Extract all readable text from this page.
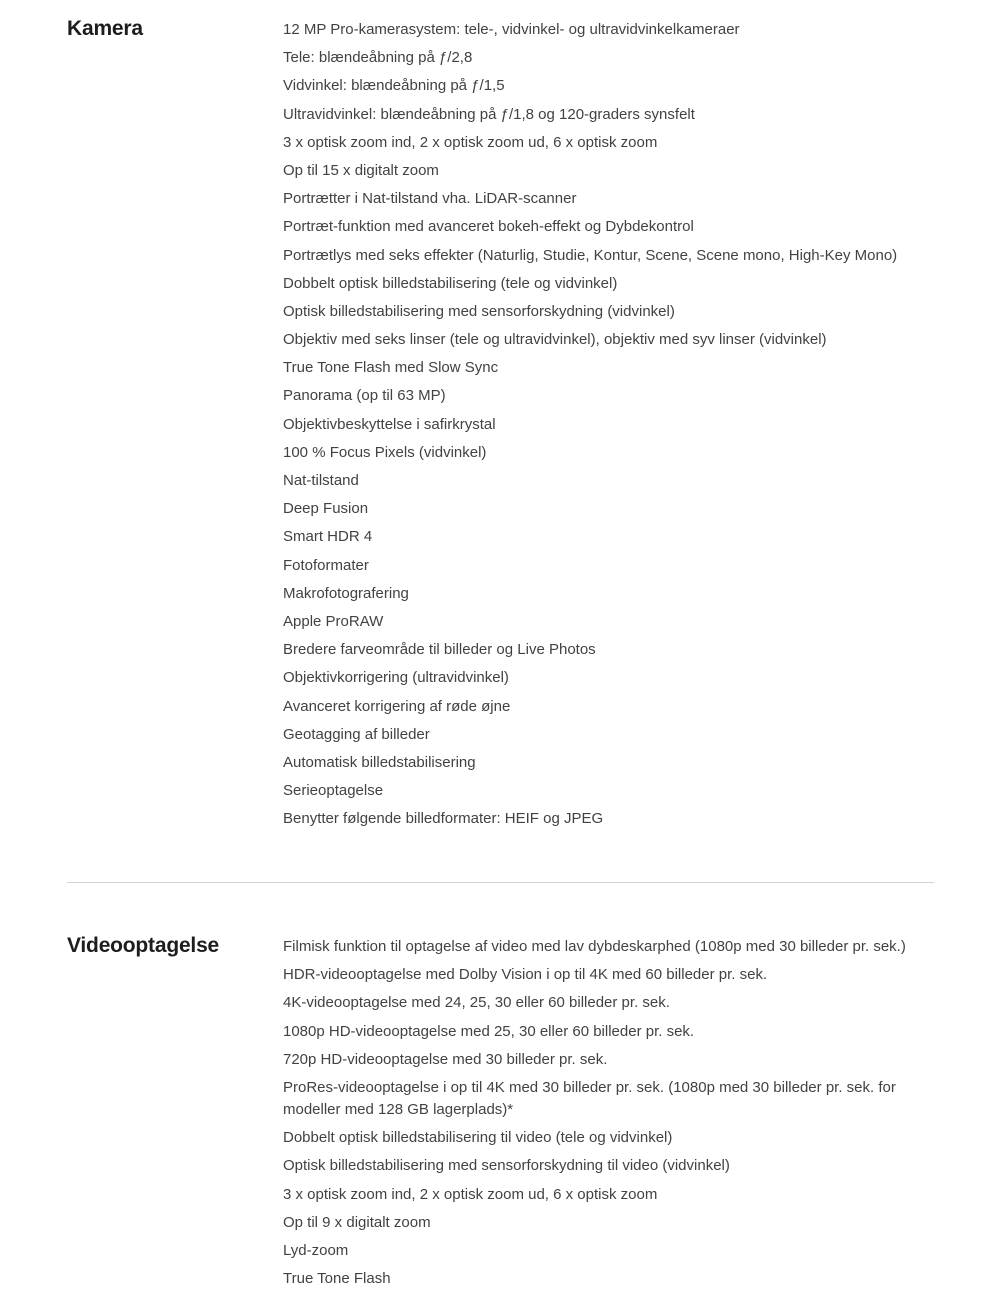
Kamera	12 MP Pro-kamerasystem: tele-, vidvinkel- og ultravidvinkelkameraer
Tele: blændeåbning på ƒ/2,8
Vidvinkel: blændeåbning på ƒ/1,5
Ultravidvinkel: blændeåbning på ƒ/1,8 og 120-graders synsfelt
3 x optisk zoom ind, 2 x optisk zoom ud, 6 x optisk zoom
Op til 15 x digitalt zoom
Portrætter i Nat-tilstand vha. LiDAR-scanner
Portræt-funktion med avanceret bokeh-effekt og Dybdekontrol
Portrætlys med seks effekter (Naturlig, Studie, Kontur, Scene, Scene mono, High-Key Mono)
Dobbelt optisk billedstabilisering (tele og vidvinkel)
Optisk billedstabilisering med sensorforskydning (vidvinkel)
Objektiv med seks linser (tele og ultravidvinkel), objektiv med syv linser (vidvinkel)
True Tone Flash med Slow Sync
Panorama (op til 63 MP)
Objektivbeskyttelse i safirkrystal
100 % Focus Pixels (vidvinkel)
Nat-tilstand
Deep Fusion
Smart HDR 4
Fotoformater
Makrofotografering
Apple ProRAW
Bredere farveområde til billeder og Live Photos
Objektivkorrigering (ultravidvinkel)
Avanceret korrigering af røde øjne
Geotagging af billeder
Automatisk billedstabilisering
Serieoptagelse
Benytter følgende billedformater: HEIF og JPEG
Videooptagelse	Filmisk funktion til optagelse af video med lav dybdeskarphed (1080p med 30 billeder pr. sek.)
HDR-videooptagelse med Dolby Vision i op til 4K med 60 billeder pr. sek.
4K-videooptagelse med 24, 25, 30 eller 60 billeder pr. sek.
1080p HD-videooptagelse med 25, 30 eller 60 billeder pr. sek.
720p HD-videooptagelse med 30 billeder pr. sek.
ProRes-videooptagelse i op til 4K med 30 billeder pr. sek. (1080p med 30 billeder pr. sek. for modeller med 128 GB lagerplads)*
Dobbelt optisk billedstabilisering til video (tele og vidvinkel)
Optisk billedstabilisering med sensorforskydning til video (vidvinkel)
3 x optisk zoom ind, 2 x optisk zoom ud, 6 x optisk zoom
Op til 9 x digitalt zoom
Lyd-zoom
True Tone Flash
